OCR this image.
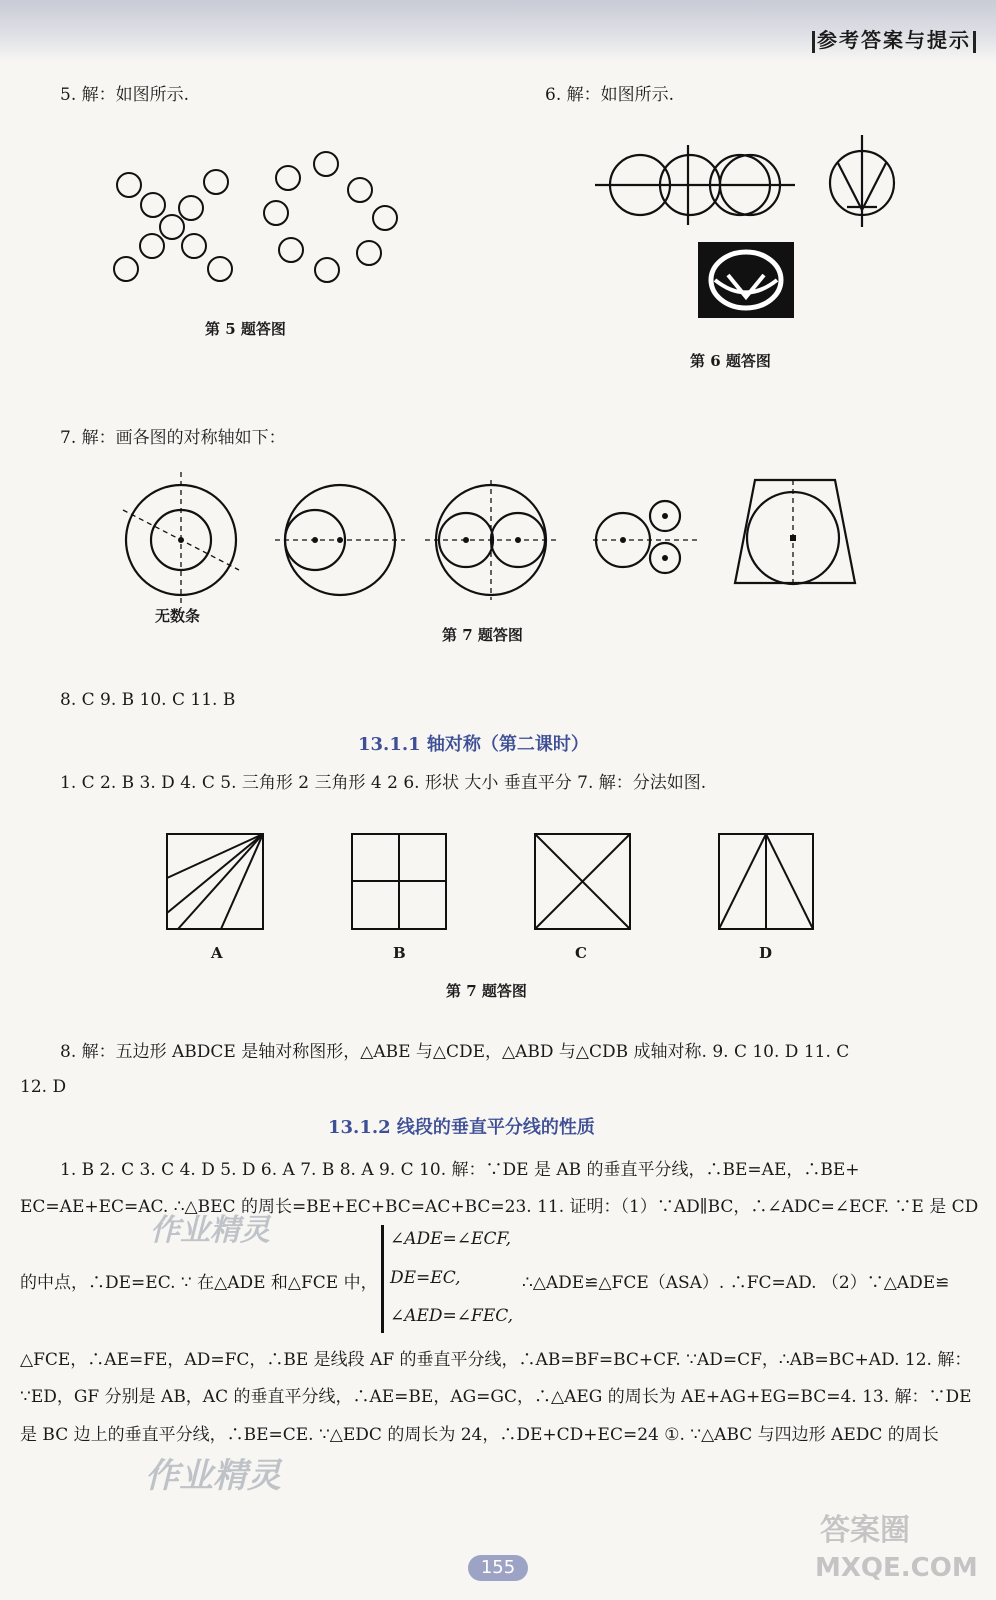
参考答案与提示
5. 解：如图所示.
第 5 题答图
6. 解：如图所示.
第 6 题答图
7. 解：画各图的对称轴如下：
无数条
第 7 题答图
8. C 9. B 10. C 11. B
13.1.1 轴对称（第二课时）
1. C 2. B 3. D 4. C 5. 三角形 2 三角形 4 2 6. 形状 大小 垂直平分 7. 解：分法如图.
A	B	C	D
第 7 题答图
8. 解：五边形 ABDCE 是轴对称图形，△ABE 与△CDE，△ABD 与△CDB 成轴对称. 9. C 10. D 11. C
12. D
13.1.2 线段的垂直平分线的性质
1. B 2. C 3. C 4. D 5. D 6. A 7. B 8. A 9. C 10. 解：∵DE 是 AB 的垂直平分线，∴BE=AE，∴BE+
EC=AE+EC=AC. ∴△BEC 的周长=BE+EC+BC=AC+BC=23. 11. 证明：（1）∵AD∥BC，∴∠ADC=∠ECF. ∵E 是 CD
的中点，∴DE=EC. ∵ 在△ADE 和△FCE 中，
∠ADE=∠ECF,
DE=EC,
∠AED=∠FEC,
∴△ADE≌△FCE（ASA）. ∴FC=AD. （2）∵△ADE≌
△FCE，∴AE=FE，AD=FC，∴BE 是线段 AF 的垂直平分线，∴AB=BF=BC+CF. ∵AD=CF，∴AB=BC+AD. 12. 解：
∵ED，GF 分别是 AB，AC 的垂直平分线，∴AE=BE，AG=GC，∴△AEG 的周长为 AE+AG+EG=BC=4. 13. 解：∵DE
是 BC 边上的垂直平分线，∴BE=CE. ∵△EDC 的周长为 24，∴DE+CD+EC=24 ①. ∵△ABC 与四边形 AEDC 的周长
作业精灵
作业精灵
答案圈
MXQE.COM
155
